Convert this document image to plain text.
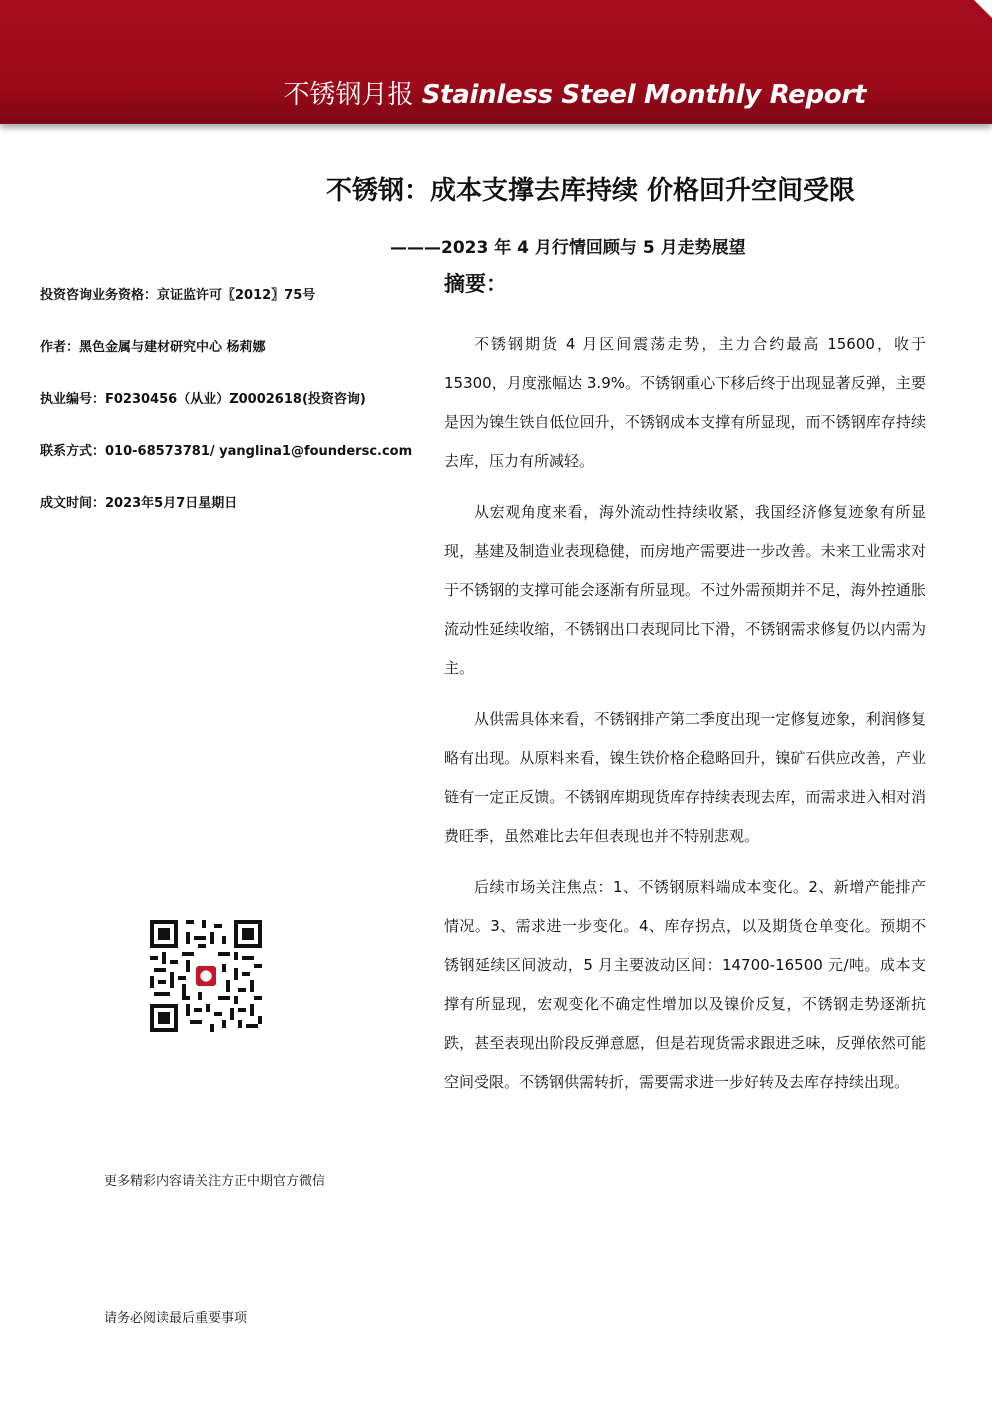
不锈钢月报 Stainless Steel Monthly Report
不锈钢：成本支撑去库持续 价格回升空间受限
———2023 年 4 月行情回顾与 5 月走势展望
摘要：
投资咨询业务资格：京证监许可〖2012〗75号
作者：黑色金属与建材研究中心 杨莉娜
执业编号：F0230456（从业）Z0002618(投资咨询)
联系方式：010-68573781/ yanglina1@foundersc.com
成文时间：2023年5月7日星期日
更多精彩内容请关注方正中期官方微信
请务必阅读最后重要事项

不锈钢期货 4 月区间震荡走势，主力合约最高 15600，收于 15300，月度涨幅达 3.9%。不锈钢重心下移后终于出现显著反弹，主要是因为镍生铁自低位回升，不锈钢成本支撑有所显现，而不锈钢库存持续去库，压力有所减轻。

从宏观角度来看，海外流动性持续收紧，我国经济修复迹象有所显现，基建及制造业表现稳健，而房地产需要进一步改善。未来工业需求对于不锈钢的支撑可能会逐渐有所显现。不过外需预期并不足，海外控通胀流动性延续收缩，不锈钢出口表现同比下滑，不锈钢需求修复仍以内需为主。

从供需具体来看，不锈钢排产第二季度出现一定修复迹象，利润修复略有出现。从原料来看，镍生铁价格企稳略回升，镍矿石供应改善，产业链有一定正反馈。不锈钢库期现货库存持续表现去库，而需求进入相对消费旺季，虽然难比去年但表现也并不特别悲观。

后续市场关注焦点：1、不锈钢原料端成本变化。2、新增产能排产情况。3、需求进一步变化。4、库存拐点，以及期货仓单变化。预期不锈钢延续区间波动，5 月主要波动区间：14700-16500 元/吨。成本支撑有所显现，宏观变化不确定性增加以及镍价反复，不锈钢走势逐渐抗跌，甚至表现出阶段反弹意愿，但是若现货需求跟进乏味，反弹依然可能空间受限。不锈钢供需转折，需要需求进一步好转及去库存持续出现。
